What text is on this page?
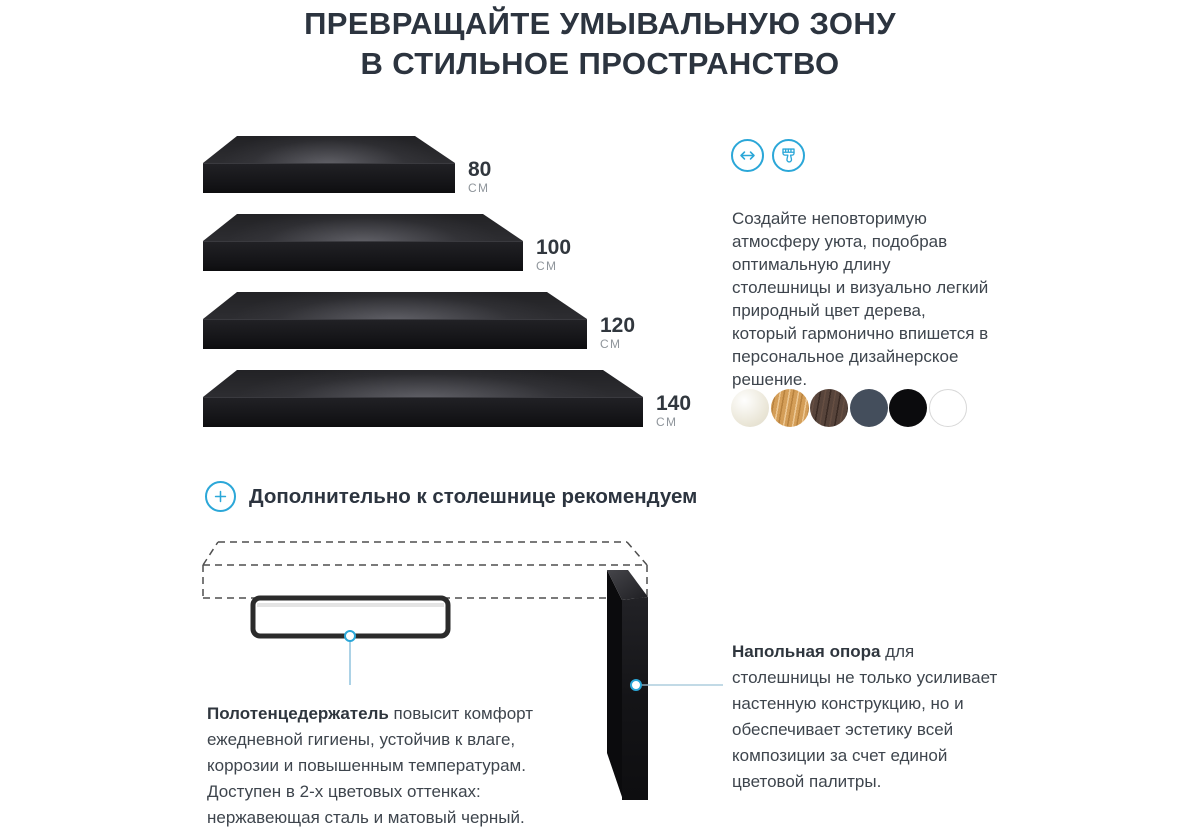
ПРЕВРАЩАЙТЕ УМЫВАЛЬНУЮ ЗОНУ
В СТИЛЬНОЕ ПРОСТРАНСТВО
80
СМ
100
СМ
120
СМ
140
СМ

Создайте неповторимую атмосферу уюта, подобрав оптимальную длину столешницы и визуально легкий природный цвет дерева, который гармонично впишется в персональное дизайнерское решение.

Дополнительно к столешнице рекомендуем

Полотенцедержатель повысит комфорт ежедневной гигиены, устойчив к влаге, коррозии и повышенным температурам. Доступен в 2-х цветовых оттенках: нержавеющая сталь и матовый черный.

Напольная опора для столешницы не только усиливает настенную конструкцию, но и обеспечивает эстетику всей композиции за счет единой цветовой палитры.
